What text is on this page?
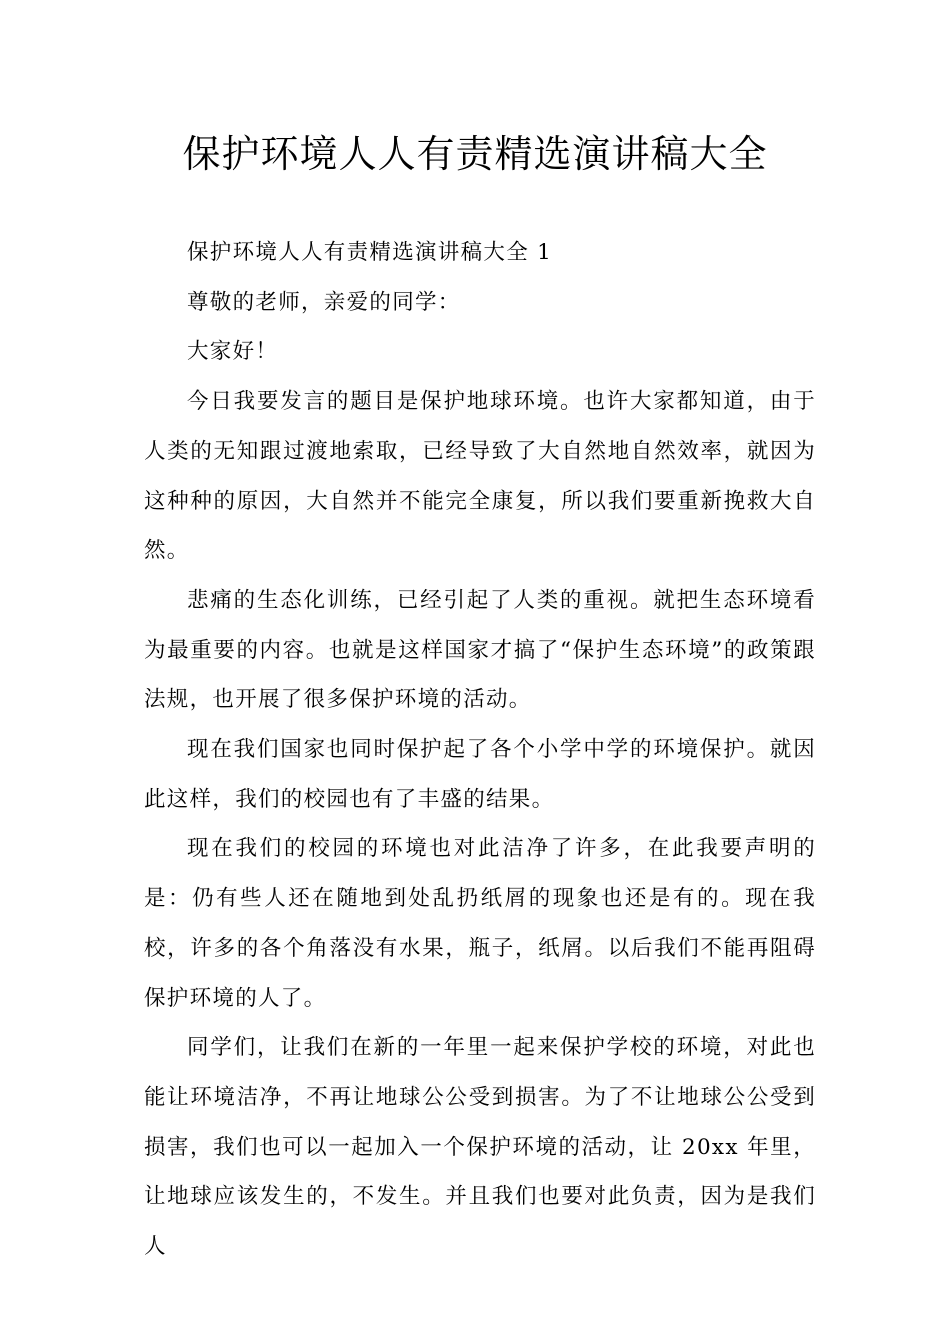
保护环境人人有责精选演讲稿大全

保护环境人人有责精选演讲稿大全 1

尊敬的老师，亲爱的同学：

大家好！

今日我要发言的题目是保护地球环境。也许大家都知道，由于人类的无知跟过渡地索取，已经导致了大自然地自然效率，就因为这种种的原因，大自然并不能完全康复，所以我们要重新挽救大自然。

悲痛的生态化训练，已经引起了人类的重视。就把生态环境看为最重要的内容。也就是这样国家才搞了“保护生态环境”的政策跟法规，也开展了很多保护环境的活动。

现在我们国家也同时保护起了各个小学中学的环境保护。就因此这样，我们的校园也有了丰盛的结果。

现在我们的校园的环境也对此洁净了许多，在此我要声明的是：仍有些人还在随地到处乱扔纸屑的现象也还是有的。现在我校，许多的各个角落没有水果，瓶子，纸屑。以后我们不能再阻碍保护环境的人了。

同学们，让我们在新的一年里一起来保护学校的环境，对此也能让环境洁净，不再让地球公公受到损害。为了不让地球公公受到损害，我们也可以一起加入一个保护环境的活动，让 20xx 年里，让地球应该发生的，不发生。并且我们也要对此负责，因为是我们人
